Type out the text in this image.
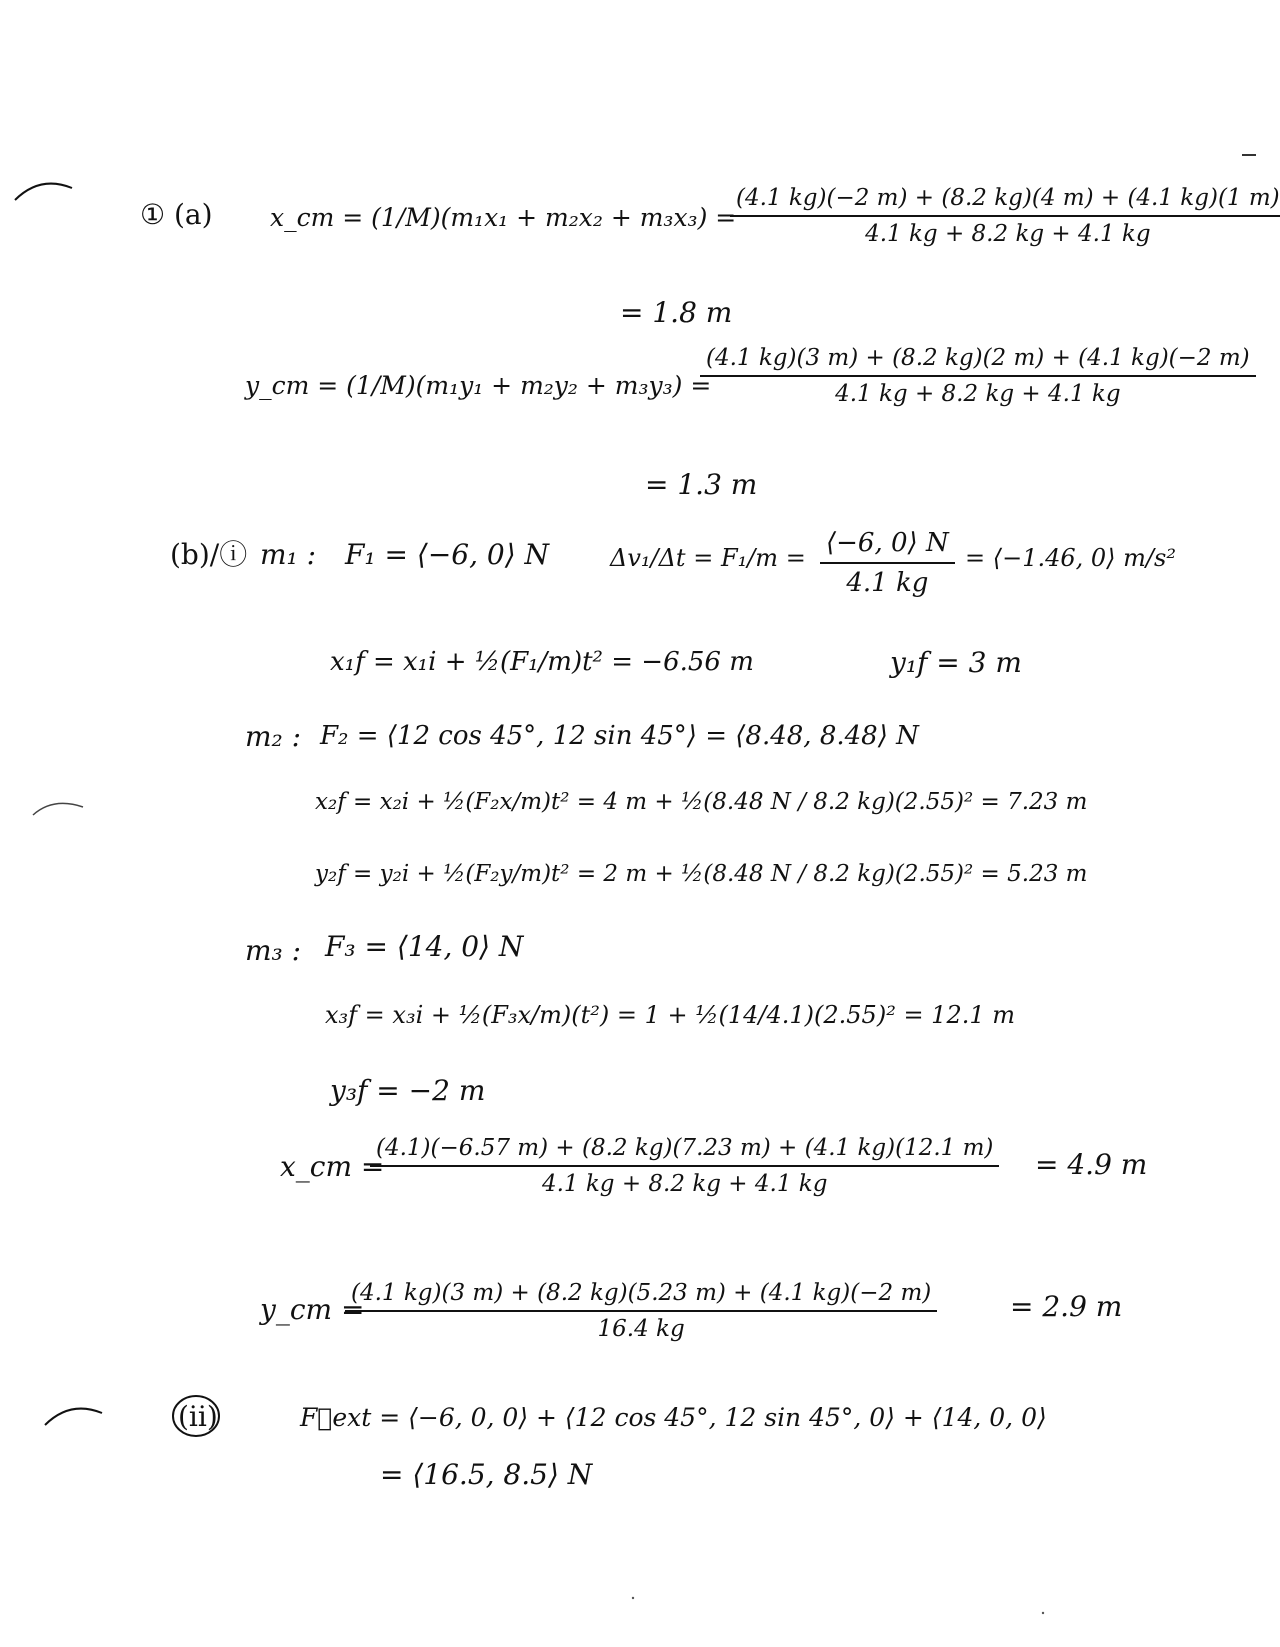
① (a) x_cm = (1/M)(m₁x₁ + m₂x₂ + m₃x₃) =
$\frac{(4.1 kg)(-2 m) + (8.2 kg)(4 m) + (4.1 kg)(1 m)}{4.1 kg + 8.2 kg + 4.1 kg}$
= 1.8 m
y_cm = (1/M)(m₁y₁ + m₂y₂ + m₃y₃) =
$\frac{(4.1 kg)(3 m) + (8.2 kg)(2 m) + (4.1 kg)(-2 m)}{4.1 kg + 8.2 kg + 4.1 kg}$
= 1.3 m
(b)/ⓘ m₁ : F₁ = ⟨−6, 0⟩ N	$\Delta v_1/\Delta t = F_1/m = \frac{⟨-6, 0⟩ N}{4.1 kg}$ = ⟨−1.46, 0⟩ m/s²
x₁f = x₁i + ½(F₁/m)t² = −6.56 m	y₁f = 3 m
m₂ : F₂ = ⟨12 cos 45°, 12 sin 45°⟩ = ⟨8.48, 8.48⟩ N
x₂f = x₂i + ½(F₂x/m)t² = 4 m + ½(8.48 N / 8.2 kg)(2.55)² = 7.23 m
y₂f = y₂i + ½(F₂y/m)t² = 2 m + ½(8.48 N / 8.2 kg)(2.55)² = 5.23 m
m₃ : F₃ = ⟨14, 0⟩ N
x₃f = x₃i + ½(F₃x/m)(t²) = 1 + ½(14/4.1)(2.55)² = 12.1 m
y₃f = −2 m
x_cm =
$\frac{(4.1)(-6.57 m) + (8.2 kg)(7.23 m) + (4.1 kg)(12.1 m)}{4.1 kg + 8.2 kg + 4.1 kg} = 4.9$ m
y_cm =
$\frac{(4.1 kg)(3 m) + (8.2 kg)(5.23 m) + (4.1 kg)(-2 m)}{16.4 kg}$	= 2.9 m
(ii)	F⃗ext = ⟨−6, 0, 0⟩ + ⟨12 cos 45°, 12 sin 45°, 0⟩ + ⟨14, 0, 0⟩
= ⟨16.5, 8.5⟩ N
